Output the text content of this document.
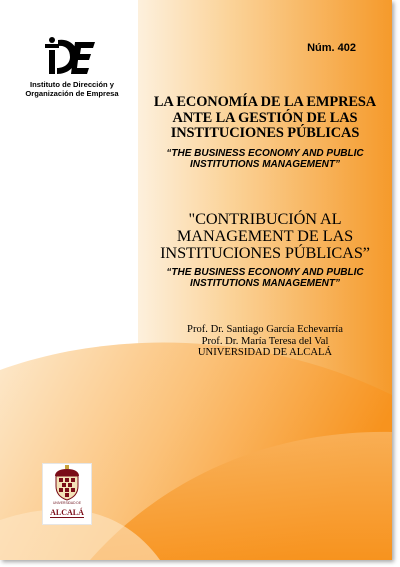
Instituto de Dirección y
Organización de Empresa
Núm. 402
LA ECONOMÍA DE LA EMPRESA
ANTE LA GESTIÓN DE LAS
INSTITUCIONES PÚBLICAS
“THE BUSINESS ECONOMY AND PUBLIC
INSTITUTIONS MANAGEMENT”
"CONTRIBUCIÓN AL
MANAGEMENT DE LAS
INSTITUCIONES PÚBLICAS”
“THE BUSINESS ECONOMY AND PUBLIC
INSTITUTIONS MANAGEMENT”
Prof. Dr. Santiago García Echevarría
Prof. Dr. María Teresa del Val
UNIVERSIDAD DE ALCALÁ
UNIVERSIDAD DE
ALCALÁ
